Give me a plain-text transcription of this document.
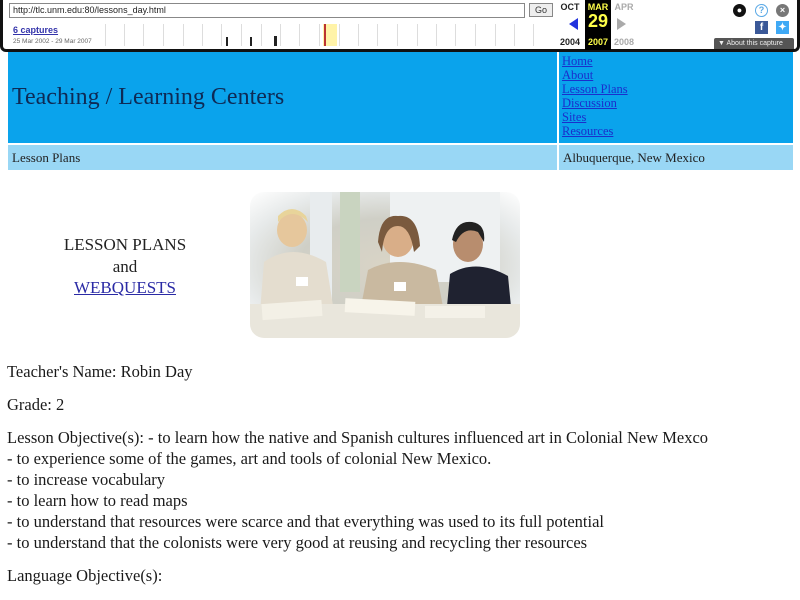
http://tlc.unm.edu:80/lessons_day.html	Go
6 captures
25 Mar 2002 - 29 Mar 2007
OCT
2004
MAR
29
2007
APR
2008
●	?	×
f	✦
▼ About this capture
Teaching / Learning Centers
Home
About
Lesson Plans
Discussion
Sites
Resources
Lesson Plans	Albuquerque, New Mexico
LESSON PLANS
and
WEBQUESTS

Teacher's Name: Robin Day

Grade: 2

Lesson Objective(s): - to learn how the native and Spanish cultures influenced art in Colonial New Mexco
- to experience some of the games, art and tools of colonial New Mexico.
- to increase vocabulary
- to learn how to read maps
- to understand that resources were scarce and that everything was used to its full potential
- to understand that the colonists were very good at reusing and recycling ther resources

Language Objective(s):
